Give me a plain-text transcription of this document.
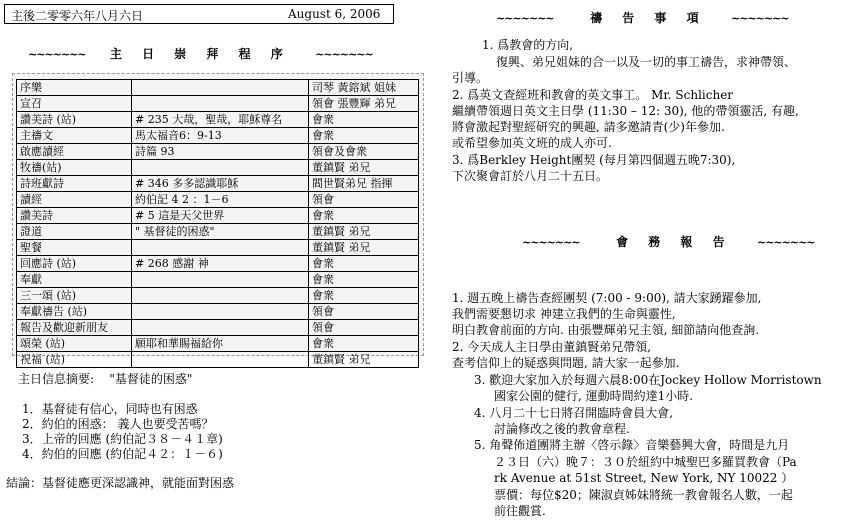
主後二零零六年八月六日	August 6, 2006
~~~~~~~ 主 日 崇 拜 程 序 ~~~~~~~
序樂		司琴 黃鎔斌 姐妹
宣召		領會 張豐輝 弟兄
讚美詩 (站)	# 235 大哉，聖哉，耶穌尊名	會衆
主禱文	馬太福音6：9-13	會衆
啟應讀經	詩篇 93	領會及會衆
牧禱(站)		董鎮賢 弟兄
詩班獻詩	# 346 多多認識耶穌	閻世賢弟兄 指揮
讀經	約伯記 4 2 ：1－6	領會
讚美詩	# 5 這是天父世界	會衆
證道	" 基督徒的困惑"	董鎮賢 弟兄
聖餐		董鎮賢 弟兄
回應詩 (站)	# 268 感謝 神	會衆
奉獻		會衆
三一頌 (站)		會衆
奉獻禱告 (站)		領會
報告及歡迎新朋友		領會
頌榮 (站)	願耶和華賜福給你	會衆
祝福 (站)		董鎮賢 弟兄
主日信息摘要: "基督徒的困惑"
1．基督徒有信心，同時也有困惑
2．約伯的困惑： 義人也要受苦嗎？
3．上帝的回應 (約伯記３８－４１章)
4．約伯的回應 (約伯記４２：１－６)
結論：基督徒應更深認識神，就能面對困惑
~~~~~~~	禱 告 事 項 ~~~~~~~
1. 爲教會的方向,
復興、弟兄姐妹的合一以及一切的事工禱告，求神帶領、
引導。
2. 爲英文查經班和教會的英文事工。 Mr. Schlicher
繼續帶領週日英文主日學 (11:30 – 12: 30), 他的帶領靈活, 有趣,
將會激起對聖經研究的興趣, 請多邀請青(少)年參加.
或希望參加英文班的成人亦可.
3. 爲Berkley Height團契 (每月第四個週五晚7:30),
下次聚會訂於八月二十五日。
~~~~~~~	會 務 報 告 ~~~~~~~
1. 週五晚上禱告查經團契 (7:00 - 9:00), 請大家踴躍參加,
我們需要懇切求 神建立我們的生命與靈性,
明白教會前面的方向. 由張豐輝弟兄主領, 細節請向他查詢.
2. 今天成人主日學由董鎮賢弟兄帶領,
查考信仰上的疑惑與問題, 請大家一起參加.
3. 歡迎大家加入於每週六晨8:00在Jockey Hollow Morristown
國家公園的健行, 運動時間約達1小時.
4. 八月二十七日將召開臨時會員大會,
討論修改之後的教會章程.
5. 角聲佈道團將主辦〈啓示錄〉音樂藝興大會，時間是九月
２３日（六）晚７：３０於紐約中城聖巴多羅買教會（Pa
rk Avenue at 51st Street, New York, NY 10022 ）
票價：每位$20；陳淑貞姊妹將統一教會報名人數，一起
前往觀賞.
